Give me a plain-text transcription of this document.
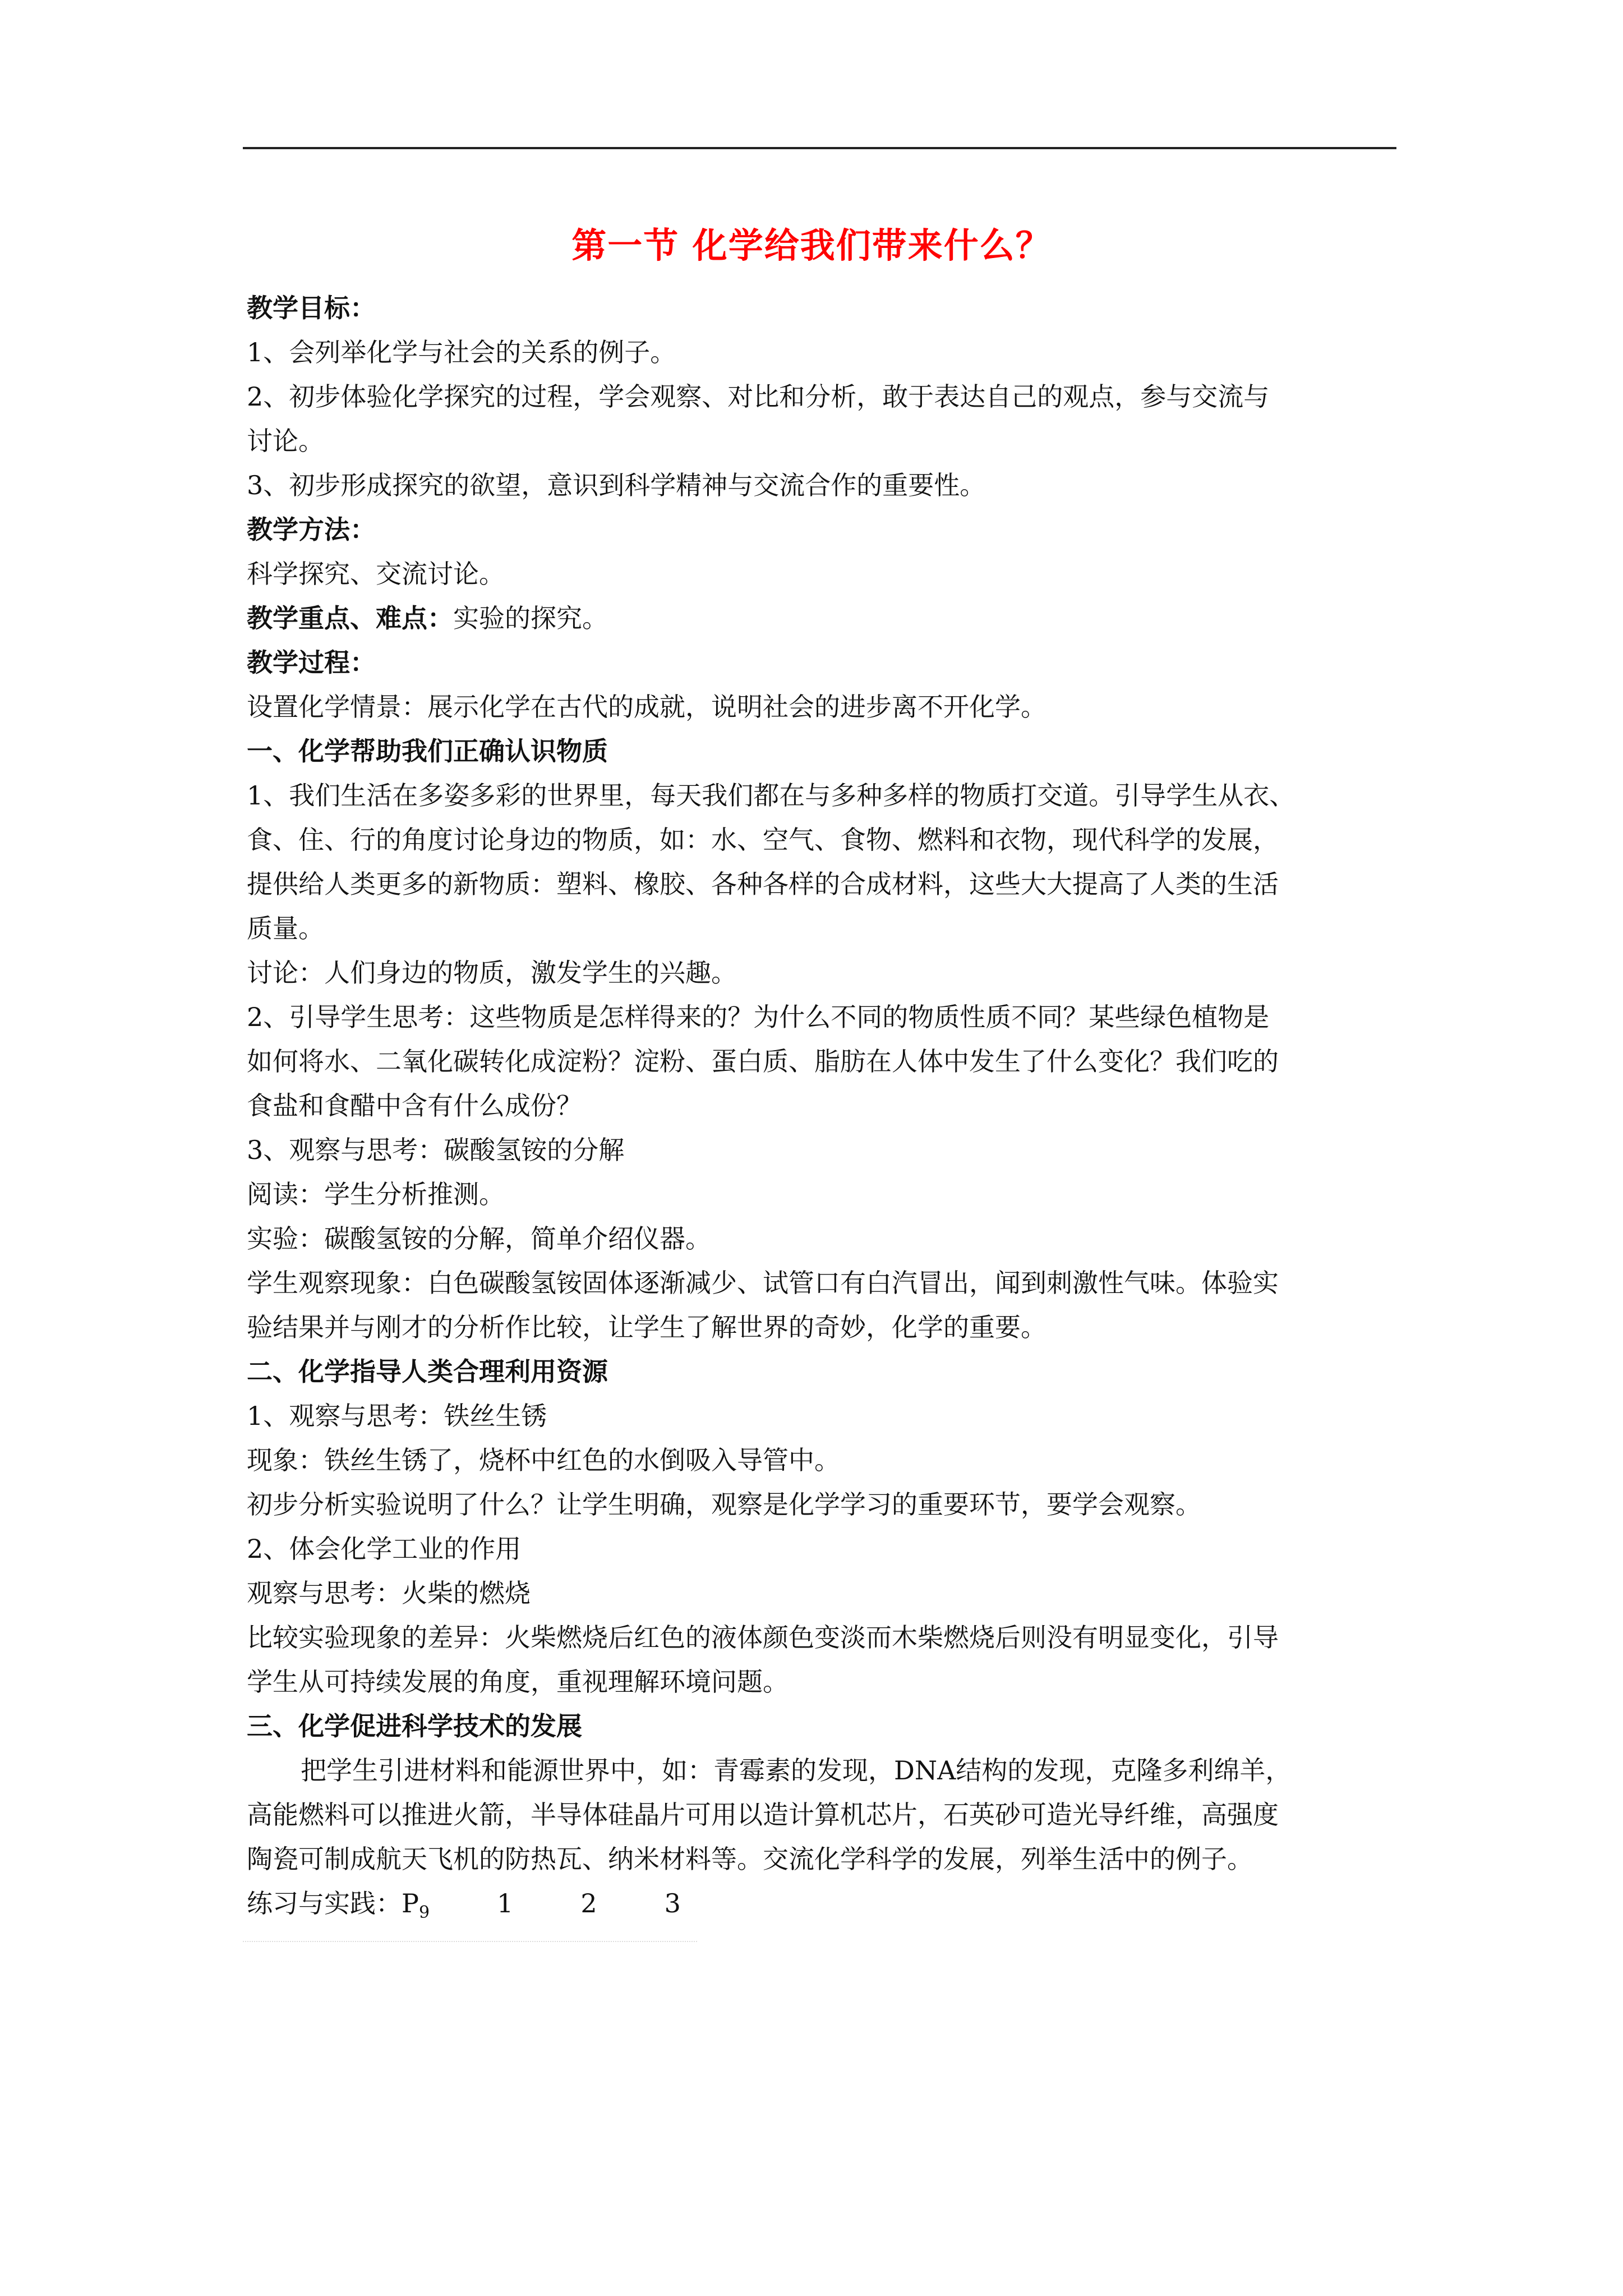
第一节 化学给我们带来什么？
教学目标：
1、会列举化学与社会的关系的例子。
2、初步体验化学探究的过程，学会观察、对比和分析，敢于表达自己的观点，参与交流与
讨论。
3、初步形成探究的欲望，意识到科学精神与交流合作的重要性。
教学方法：
科学探究、交流讨论。
教学重点、难点：实验的探究。
教学过程：
设置化学情景：展示化学在古代的成就，说明社会的进步离不开化学。
一、化学帮助我们正确认识物质
1、我们生活在多姿多彩的世界里，每天我们都在与多种多样的物质打交道。引导学生从衣、
食、住、行的角度讨论身边的物质，如：水、空气、食物、燃料和衣物，现代科学的发展，
提供给人类更多的新物质：塑料、橡胶、各种各样的合成材料，这些大大提高了人类的生活
质量。
讨论：人们身边的物质，激发学生的兴趣。
2、引导学生思考：这些物质是怎样得来的？为什么不同的物质性质不同？某些绿色植物是
如何将水、二氧化碳转化成淀粉？淀粉、蛋白质、脂肪在人体中发生了什么变化？我们吃的
食盐和食醋中含有什么成份？
3、观察与思考：碳酸氢铵的分解
阅读：学生分析推测。
实验：碳酸氢铵的分解，简单介绍仪器。
学生观察现象：白色碳酸氢铵固体逐渐减少、试管口有白汽冒出，闻到刺激性气味。体验实
验结果并与刚才的分析作比较，让学生了解世界的奇妙，化学的重要。
二、化学指导人类合理利用资源
1、观察与思考：铁丝生锈
现象：铁丝生锈了，烧杯中红色的水倒吸入导管中。
初步分析实验说明了什么？让学生明确，观察是化学学习的重要环节，要学会观察。
2、体会化学工业的作用
观察与思考：火柴的燃烧
比较实验现象的差异：火柴燃烧后红色的液体颜色变淡而木柴燃烧后则没有明显变化，引导
学生从可持续发展的角度，重视理解环境问题。
三、化学促进科学技术的发展
把学生引进材料和能源世界中，如：青霉素的发现，DNA结构的发现，克隆多利绵羊，
高能燃料可以推进火箭，半导体硅晶片可用以造计算机芯片，石英砂可造光导纤维，高强度
陶瓷可制成航天飞机的防热瓦、纳米材料等。交流化学科学的发展，列举生活中的例子。
练习与实践：$P_9$	1	2	3
